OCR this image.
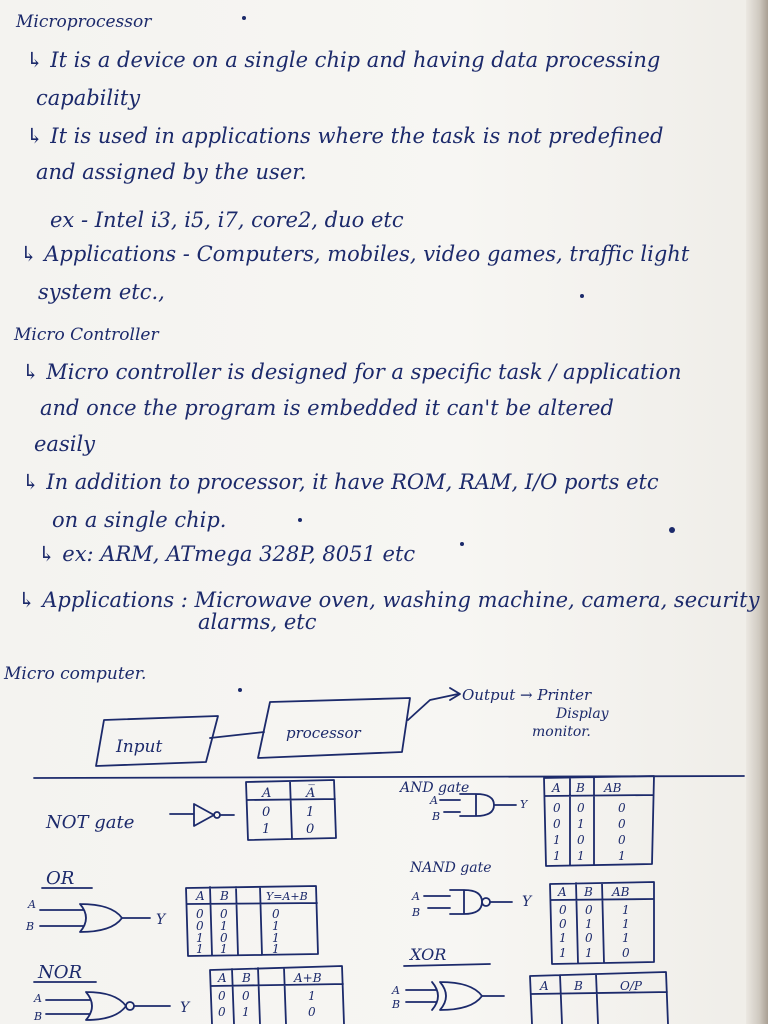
Microprocessor
↳ It is a device on a single chip and having data processing
capability
↳ It is used in applications where the task is not predefined
and assigned by the user.
ex - Intel i3, i5, i7, core2, duo etc
↳ Applications - Computers, mobiles, video games, traffic light
system etc.,
Micro Controller
↳ Micro controller is designed for a specific task / application
and once the program is embedded it can't be altered
easily
↳ In addition to processor, it have ROM, RAM, I/O ports etc
on a single chip.
↳ ex: ARM, ATmega 328P, 8051 etc
↳ Applications : Microwave oven, washing machine, camera, security
alarms, etc
Micro computer.
Input
processor
Output → Printer
Display
monitor.
NOT gate
A	A̅
0	1
1	0
AND gate
A
B
Y
A B AB
0 0	0
0 1	0
1 0	0
1 1	1
OR
A
B	Y
A B	Y=A+B
0 0	0
0 1	1
1 0	1
1 1	1
NAND gate
A
B
Y
A B AB
0 0 1
0 1 1
1 0 1
1 1 0
NOR
A
B
Y
A B	A+B
0 0	1
0 1	0
XOR
A
B
A B	O/P
